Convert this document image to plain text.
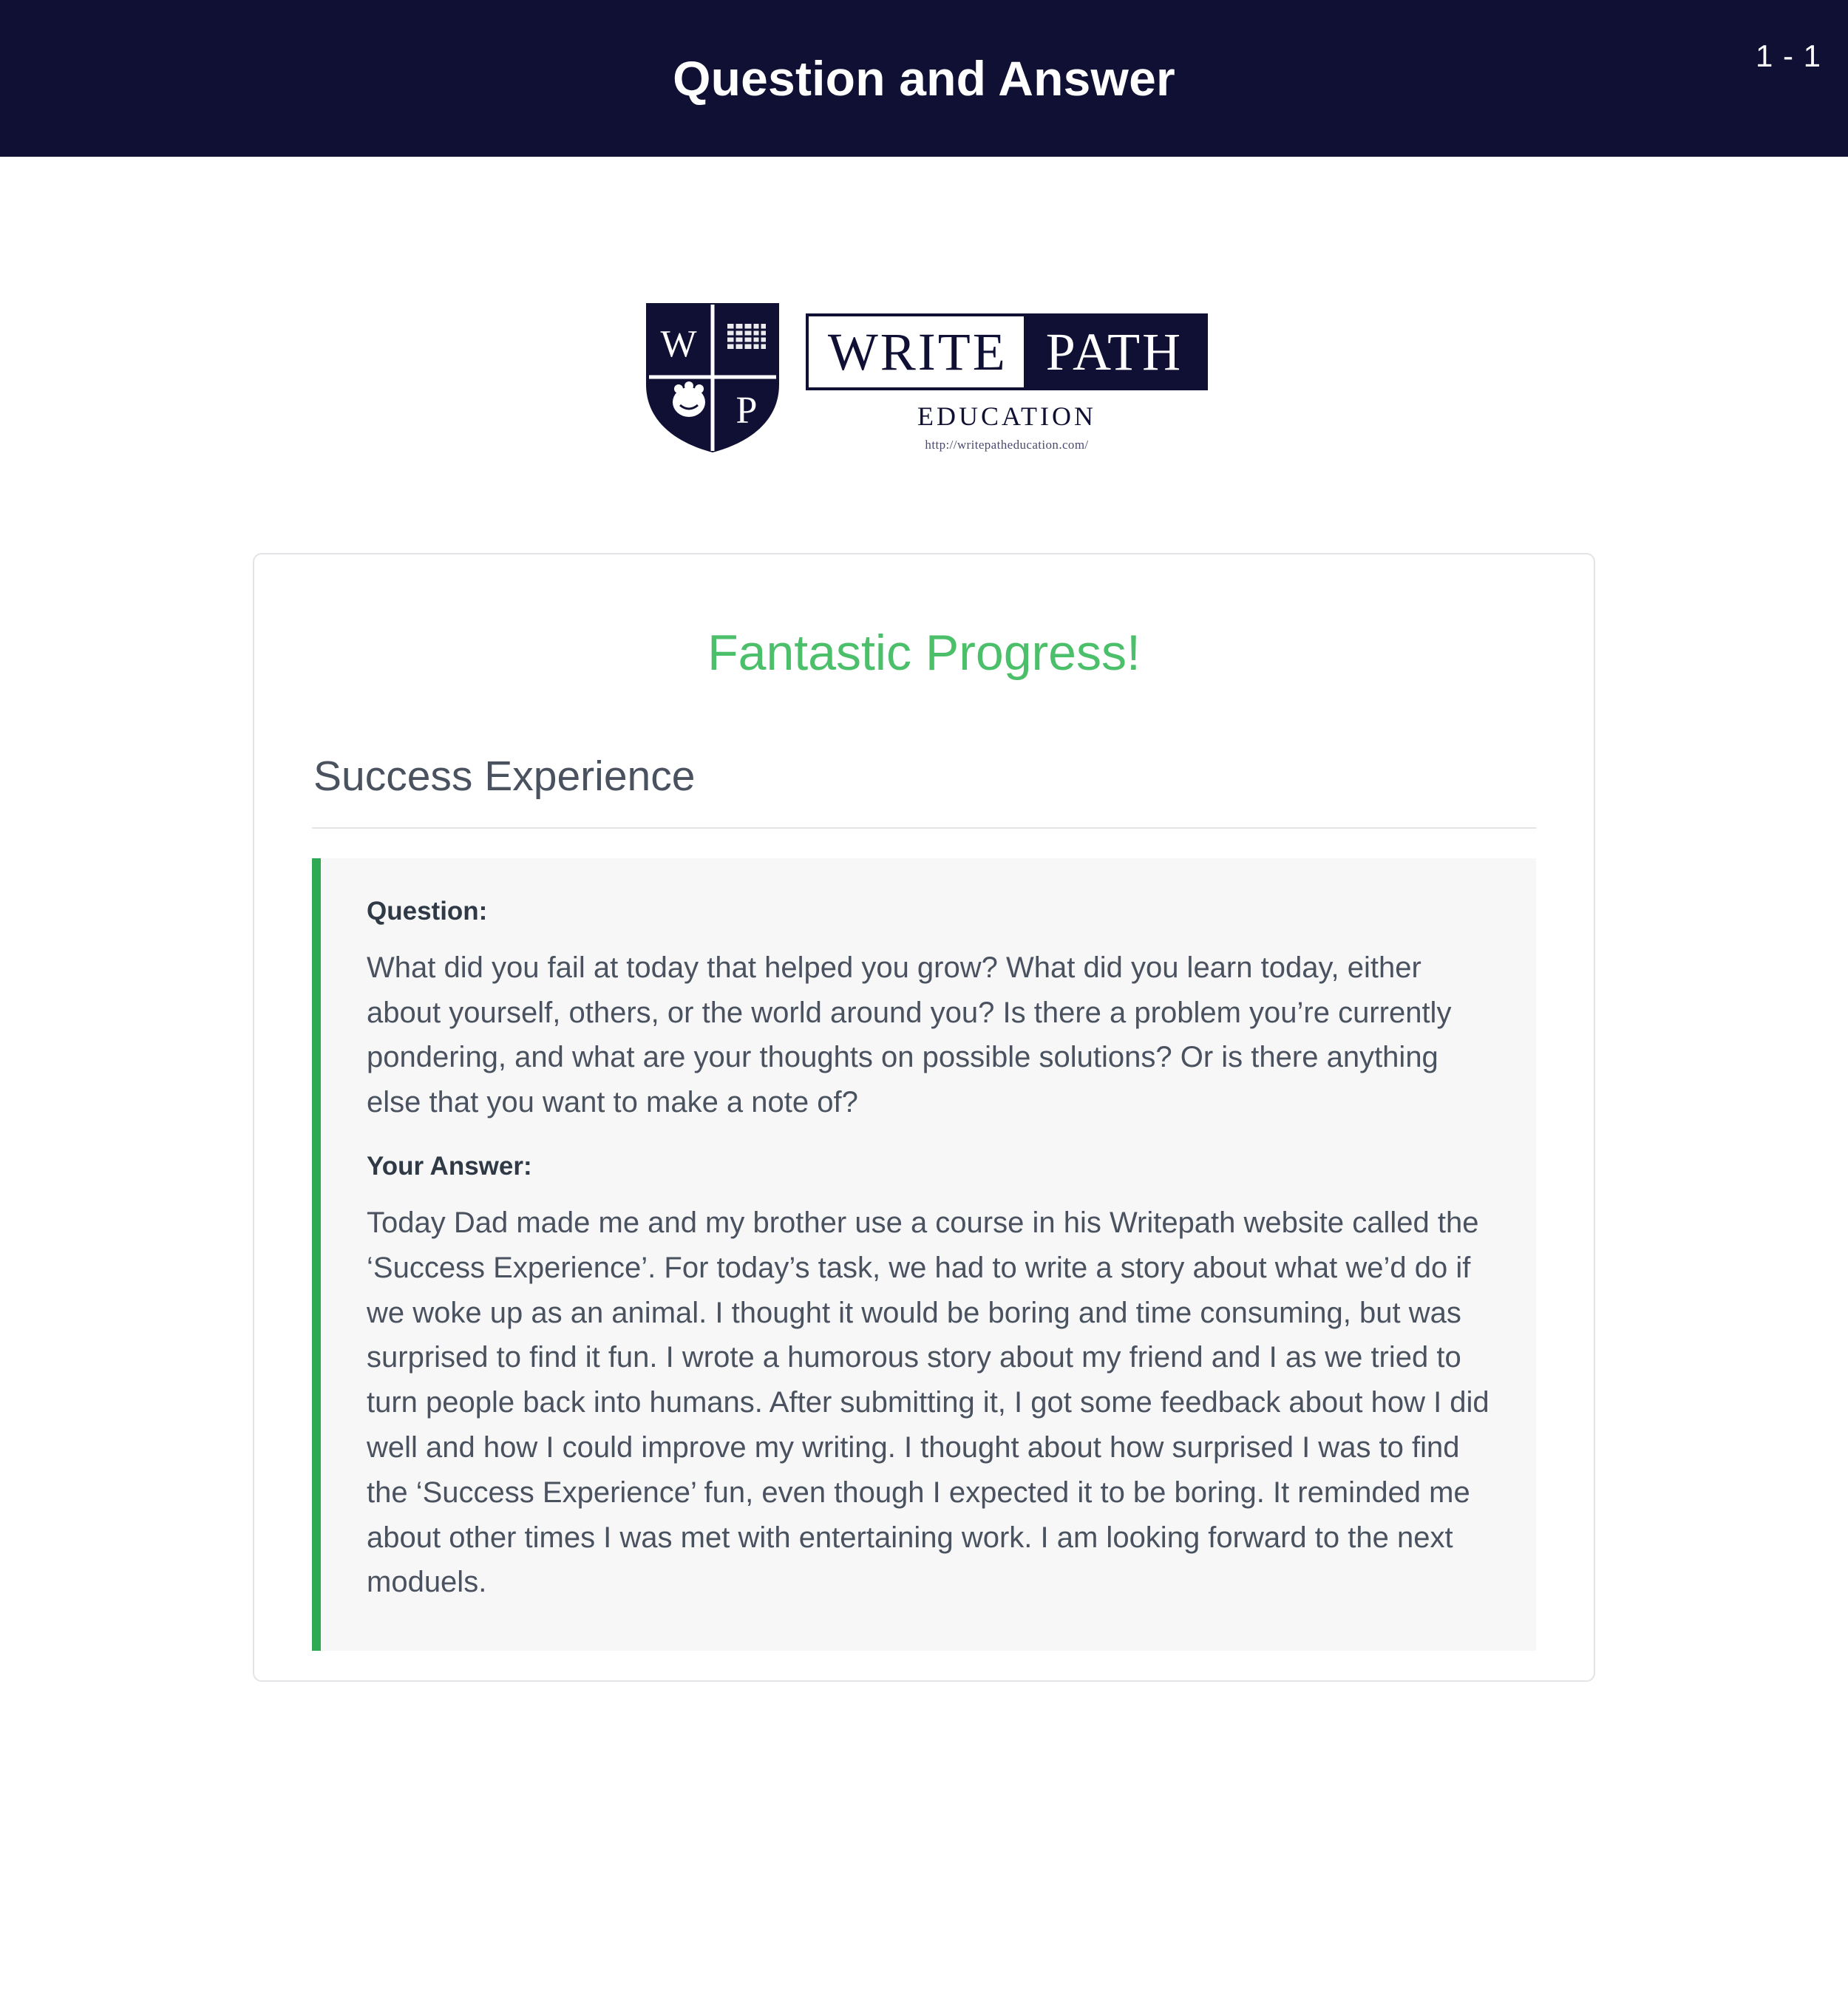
Question and Answer	1 - 1
W
P
WRITE PATH
EDUCATION
http://writepatheducation.com/
Fantastic Progress!
Success Experience

Question:

What did you fail at today that helped you grow? What did you learn today, either about yourself, others, or the world around you? Is there a problem you’re currently pondering, and what are your thoughts on possible solutions? Or is there anything else that you want to make a note of?

Your Answer:

Today Dad made me and my brother use a course in his Writepath website called the ‘Success Experience’. For today’s task, we had to write a story about what we’d do if we woke up as an animal. I thought it would be boring and time consuming, but was surprised to find it fun. I wrote a humorous story about my friend and I as we tried to turn people back into humans. After submitting it, I got some feedback about how I did well and how I could improve my writing. I thought about how surprised I was to find the ‘Success Experience’ fun, even though I expected it to be boring. It reminded me about other times I was met with entertaining work. I am looking forward to the next moduels.
